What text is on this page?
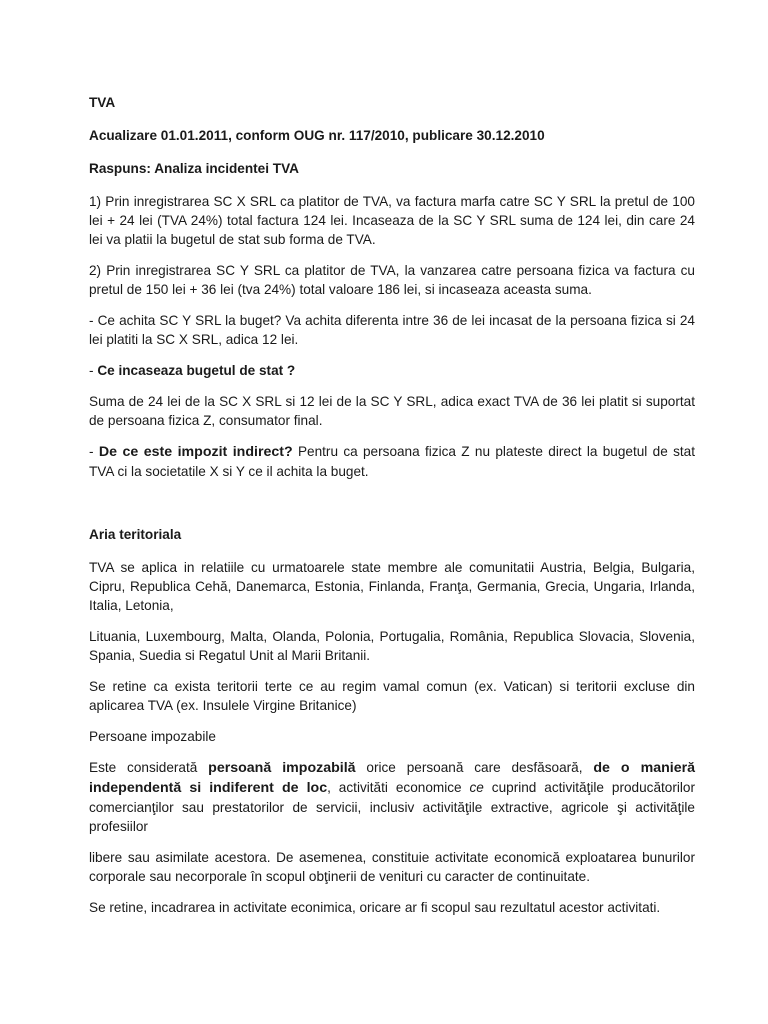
TVA

Acualizare 01.01.2011, conform OUG nr. 117/2010, publicare 30.12.2010

Raspuns: Analiza incidentei TVA

1) Prin inregistrarea SC X SRL ca platitor de TVA, va factura marfa catre SC Y SRL la pretul de 100 lei + 24 lei (TVA 24%) total factura 124 lei. Incaseaza de la SC Y SRL suma de 124 lei, din care 24 lei va platii la bugetul de stat sub forma de TVA.

2) Prin inregistrarea SC Y SRL ca platitor de TVA, la vanzarea catre persoana fizica va factura cu pretul de 150 lei + 36 lei (tva 24%) total valoare 186 lei, si incaseaza aceasta suma.

- Ce achita SC Y SRL la buget? Va achita diferenta intre 36 de lei incasat de la persoana fizica si 24 lei platiti la SC X SRL, adica 12 lei.

- Ce incaseaza bugetul de stat ?

Suma de 24 lei de la SC X SRL si 12 lei de la SC Y SRL, adica exact TVA de 36 lei platit si suportat de persoana fizica Z, consumator final.

- De ce este impozit indirect? Pentru ca persoana fizica Z nu plateste direct la bugetul de stat TVA ci la societatile X si Y ce il achita la buget.

Aria teritoriala

TVA se aplica in relatiile cu urmatoarele state membre ale comunitatii Austria, Belgia, Bulgaria, Cipru, Republica Cehă, Danemarca, Estonia, Finlanda, Franţa, Germania, Grecia, Ungaria, Irlanda, Italia, Letonia,

Lituania, Luxembourg, Malta, Olanda, Polonia, Portugalia, România, Republica Slovacia, Slovenia, Spania, Suedia si Regatul Unit al Marii Britanii.

Se retine ca exista teritorii terte ce au regim vamal comun (ex. Vatican) si teritorii excluse din aplicarea TVA (ex. Insulele Virgine Britanice)

Persoane impozabile

Este considerată persoană impozabilă orice persoană care desfăsoară, de o manieră independentă si indiferent de loc, activităti economice ce cuprind activităţile producătorilor comercianţilor sau prestatorilor de servicii, inclusiv activităţile extractive, agricole şi activităţile profesiilor

libere sau asimilate acestora. De asemenea, constituie activitate economică exploatarea bunurilor corporale sau necorporale în scopul obţinerii de venituri cu caracter de continuitate.

Se retine, incadrarea in activitate econimica, oricare ar fi scopul sau rezultatul acestor activitati.
